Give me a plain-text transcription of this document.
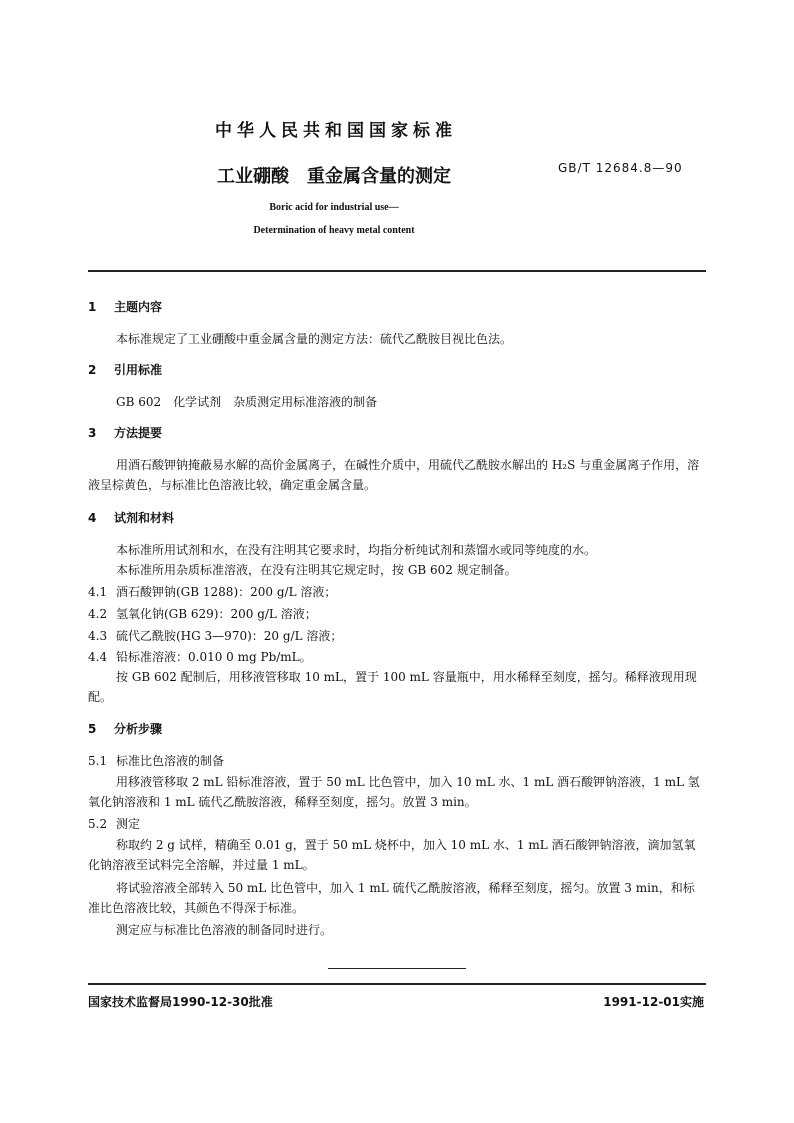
中华人民共和国国家标准
工业硼酸　重金属含量的测定	GB/T 12684.8—90
Boric acid for industrial use—
Determination of heavy metal content
1 主题内容
本标准规定了工业硼酸中重金属含量的测定方法：硫代乙酰胺目视比色法。
2 引用标准
GB 602　化学试剂　杂质测定用标准溶液的制备
3 方法提要
用酒石酸钾钠掩蔽易水解的高价金属离子，在碱性介质中，用硫代乙酰胺水解出的 H₂S 与重金属离子作用，溶液呈棕黄色，与标准比色溶液比较，确定重金属含量。
4 试剂和材料
本标准所用试剂和水，在没有注明其它要求时，均指分析纯试剂和蒸馏水或同等纯度的水。
本标准所用杂质标准溶液，在没有注明其它规定时，按 GB 602 规定制备。
4.1 酒石酸钾钠(GB 1288)：200 g/L 溶液；
4.2 氢氧化钠(GB 629)：200 g/L 溶液；
4.3 硫代乙酰胺(HG 3—970)：20 g/L 溶液；
4.4 铅标准溶液：0.010 0 mg Pb/mL。
按 GB 602 配制后，用移液管移取 10 mL，置于 100 mL 容量瓶中，用水稀释至刻度，摇匀。稀释液现用现配。
5 分析步骤
5.1 标准比色溶液的制备
用移液管移取 2 mL 铅标准溶液，置于 50 mL 比色管中，加入 10 mL 水、1 mL 酒石酸钾钠溶液，1 mL 氢氧化钠溶液和 1 mL 硫代乙酰胺溶液，稀释至刻度，摇匀。放置 3 min。
5.2 测定
称取约 2 g 试样，精确至 0.01 g，置于 50 mL 烧杯中，加入 10 mL 水、1 mL 酒石酸钾钠溶液，滴加氢氧化钠溶液至试料完全溶解，并过量 1 mL。
将试验溶液全部转入 50 mL 比色管中，加入 1 mL 硫代乙酰胺溶液，稀释至刻度，摇匀。放置 3 min，和标准比色溶液比较，其颜色不得深于标准。
测定应与标准比色溶液的制备同时进行。
国家技术监督局1990-12-30批准	1991-12-01实施
